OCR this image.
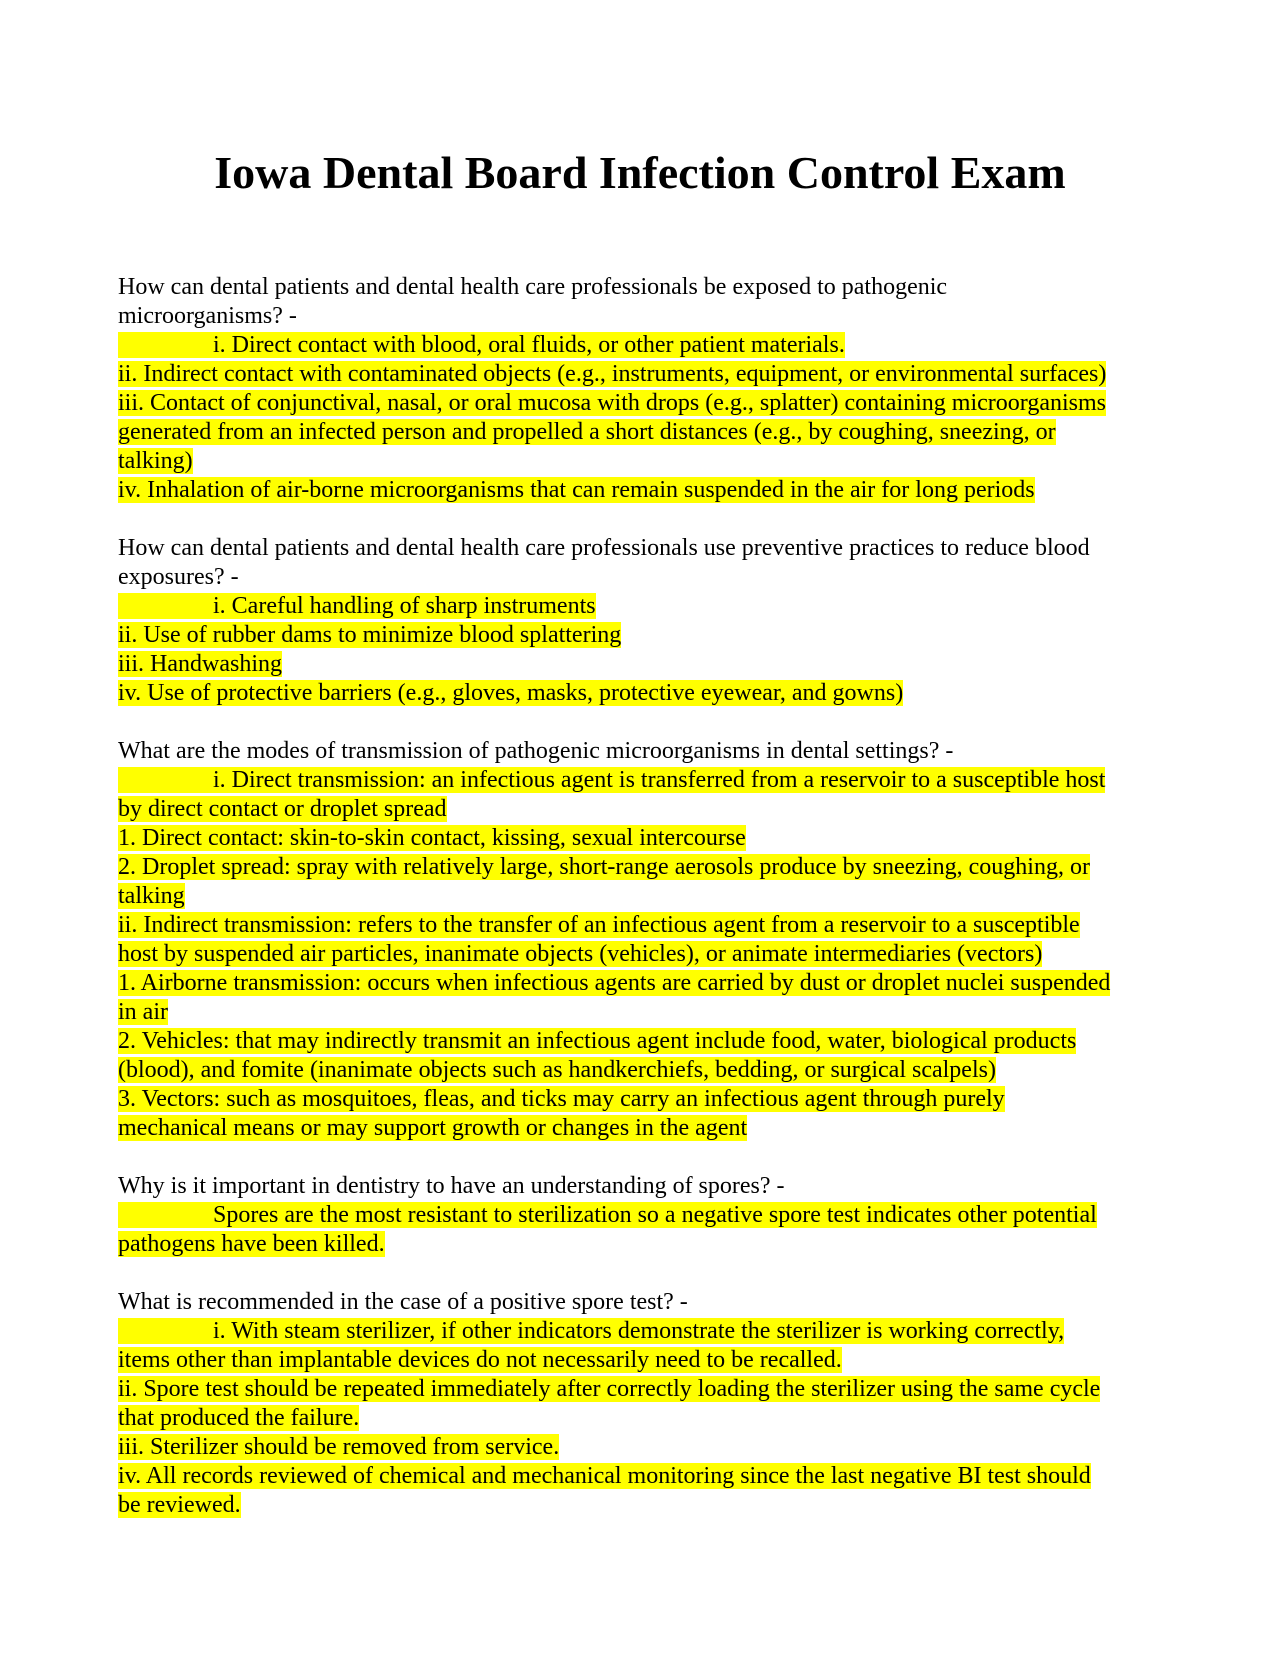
Iowa Dental Board Infection Control Exam
How can dental patients and dental health care professionals be exposed to pathogenic
microorganisms? -
i. Direct contact with blood, oral fluids, or other patient materials.
ii. Indirect contact with contaminated objects (e.g., instruments, equipment, or environmental surfaces)
iii. Contact of conjunctival, nasal, or oral mucosa with drops (e.g., splatter) containing microorganisms
generated from an infected person and propelled a short distances (e.g., by coughing, sneezing, or
talking)
iv. Inhalation of air-borne microorganisms that can remain suspended in the air for long periods
How can dental patients and dental health care professionals use preventive practices to reduce blood
exposures? -
i. Careful handling of sharp instruments
ii. Use of rubber dams to minimize blood splattering
iii. Handwashing
iv. Use of protective barriers (e.g., gloves, masks, protective eyewear, and gowns)
What are the modes of transmission of pathogenic microorganisms in dental settings? -
i. Direct transmission: an infectious agent is transferred from a reservoir to a susceptible host
by direct contact or droplet spread
1. Direct contact: skin-to-skin contact, kissing, sexual intercourse
2. Droplet spread: spray with relatively large, short-range aerosols produce by sneezing, coughing, or
talking
ii. Indirect transmission: refers to the transfer of an infectious agent from a reservoir to a susceptible
host by suspended air particles, inanimate objects (vehicles), or animate intermediaries (vectors)
1. Airborne transmission: occurs when infectious agents are carried by dust or droplet nuclei suspended
in air
2. Vehicles: that may indirectly transmit an infectious agent include food, water, biological products
(blood), and fomite (inanimate objects such as handkerchiefs, bedding, or surgical scalpels)
3. Vectors: such as mosquitoes, fleas, and ticks may carry an infectious agent through purely
mechanical means or may support growth or changes in the agent
Why is it important in dentistry to have an understanding of spores? -
Spores are the most resistant to sterilization so a negative spore test indicates other potential
pathogens have been killed.
What is recommended in the case of a positive spore test? -
i. With steam sterilizer, if other indicators demonstrate the sterilizer is working correctly,
items other than implantable devices do not necessarily need to be recalled.
ii. Spore test should be repeated immediately after correctly loading the sterilizer using the same cycle
that produced the failure.
iii. Sterilizer should be removed from service.
iv. All records reviewed of chemical and mechanical monitoring since the last negative BI test should
be reviewed.
